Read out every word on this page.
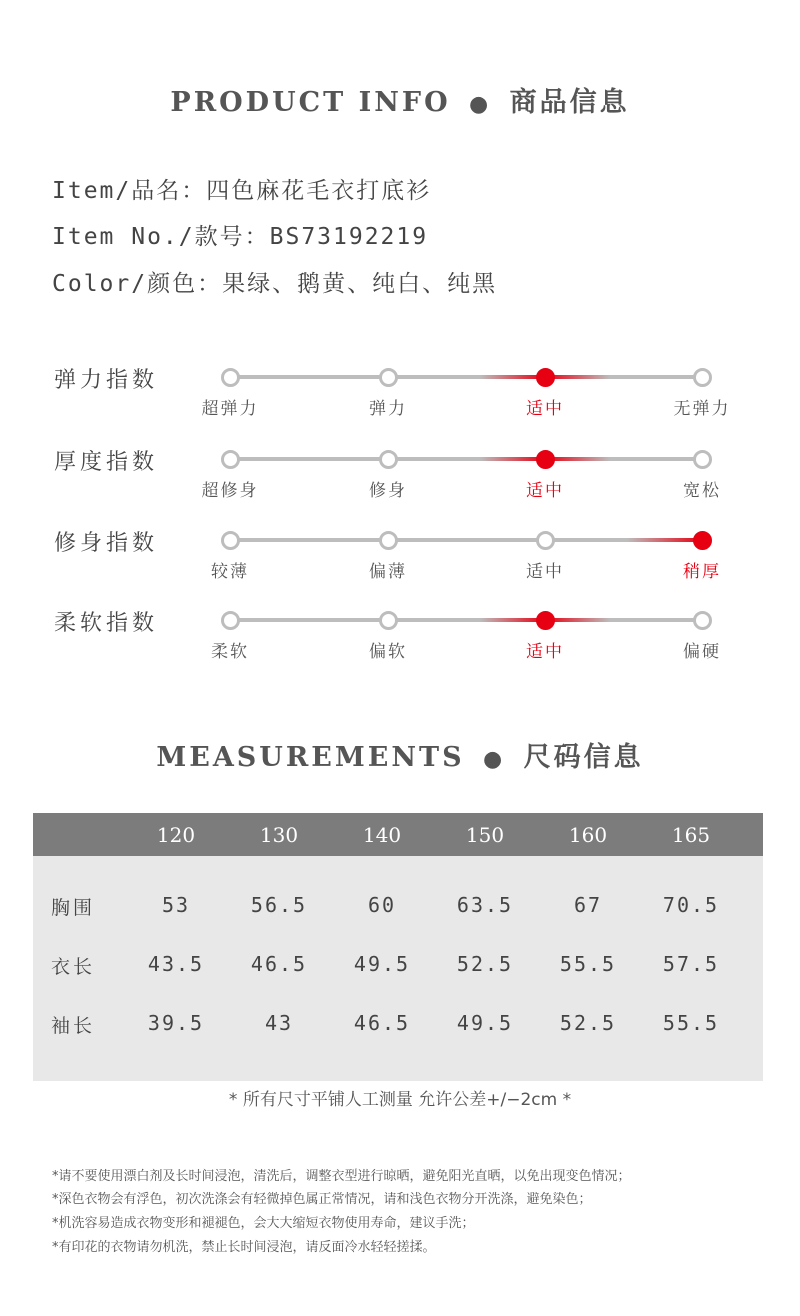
PRODUCT INFO ● 商品信息
Item/品名：四色麻花毛衣打底衫
Item No./款号：BS73192219
Color/颜色：果绿、鹅黄、纯白、纯黑
弹力指数
超弹力	弹力	适中	无弹力
厚度指数
超修身	修身	适中	宽松
修身指数
较薄	偏薄	适中	稍厚
柔软指数
柔软	偏软	适中	偏硬
MEASUREMENTS ● 尺码信息
120	130	140	150	160	165
胸围	53	56.5	60	63.5	67	70.5
衣长	43.5	46.5	49.5	52.5	55.5	57.5
袖长	39.5	43	46.5	49.5	52.5	55.5
* 所有尺寸平铺人工测量 允许公差+/−2cm *
*请不要使用漂白剂及长时间浸泡，清洗后，调整衣型进行晾晒，避免阳光直晒，以免出现变色情况；
*深色衣物会有浮色，初次洗涤会有轻微掉色属正常情况，请和浅色衣物分开洗涤，避免染色；
*机洗容易造成衣物变形和褪褪色，会大大缩短衣物使用寿命，建议手洗；
*有印花的衣物请勿机洗，禁止长时间浸泡，请反面冷水轻轻搓揉。
